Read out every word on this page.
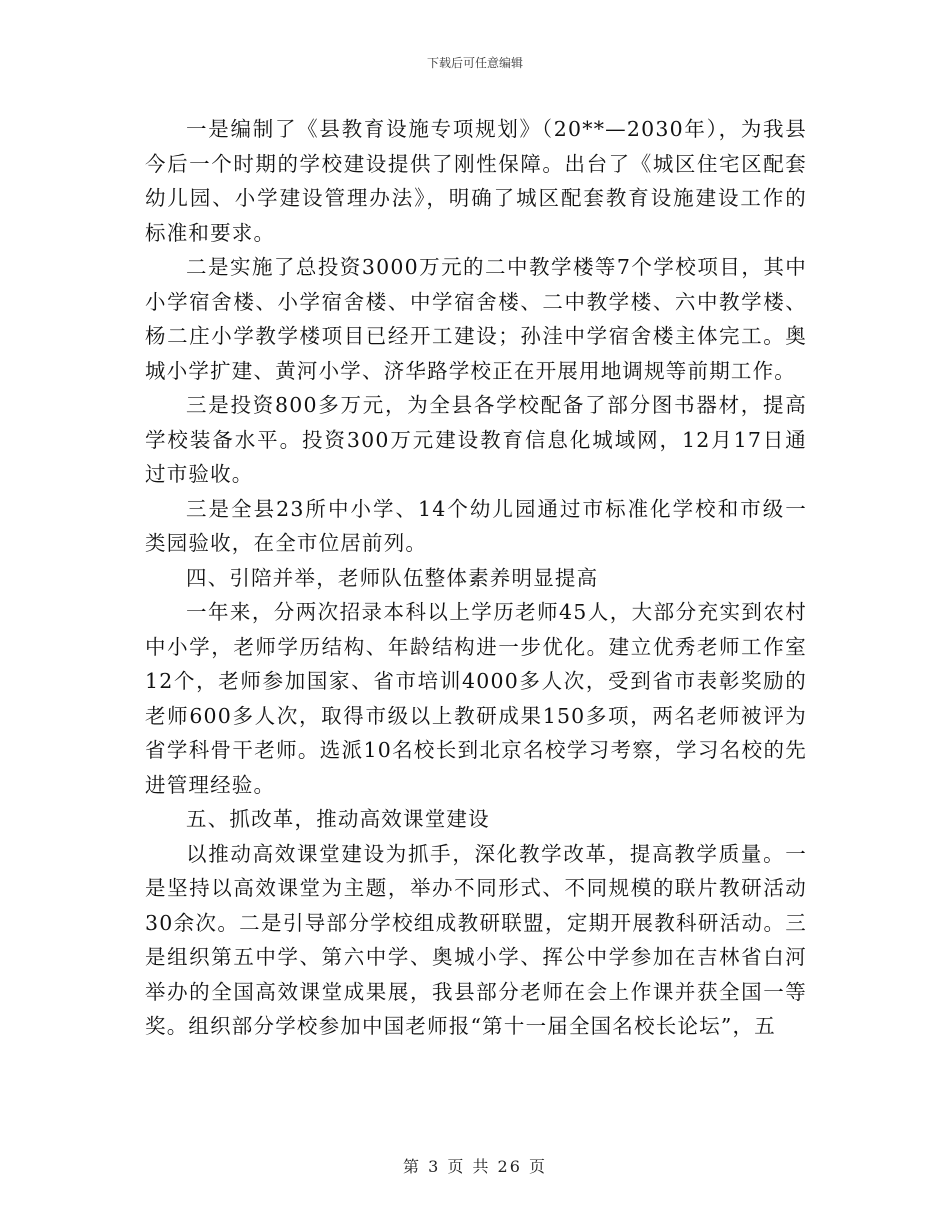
下载后可任意编辑

一是编制了《县教育设施专项规划》（20**—2030年），为我县今后一个时期的学校建设提供了刚性保障。出台了《城区住宅区配套幼儿园、小学建设管理办法》，明确了城区配套教育设施建设工作的标准和要求。

二是实施了总投资3000万元的二中教学楼等7个学校项目，其中小学宿舍楼、小学宿舍楼、中学宿舍楼、二中教学楼、六中教学楼、杨二庄小学教学楼项目已经开工建设；孙洼中学宿舍楼主体完工。奥城小学扩建、黄河小学、济华路学校正在开展用地调规等前期工作。

三是投资800多万元，为全县各学校配备了部分图书器材，提高学校装备水平。投资300万元建设教育信息化城域网，12月17日通过市验收。

三是全县23所中小学、14个幼儿园通过市标准化学校和市级一类园验收，在全市位居前列。

四、引陪并举，老师队伍整体素养明显提高

一年来，分两次招录本科以上学历老师45人，大部分充实到农村中小学，老师学历结构、年龄结构进一步优化。建立优秀老师工作室12个，老师参加国家、省市培训4000多人次，受到省市表彰奖励的老师600多人次，取得市级以上教研成果150多项，两名老师被评为省学科骨干老师。选派10名校长到北京名校学习考察，学习名校的先进管理经验。

五、抓改革，推动高效课堂建设

以推动高效课堂建设为抓手，深化教学改革，提高教学质量。一是坚持以高效课堂为主题，举办不同形式、不同规模的联片教研活动30余次。二是引导部分学校组成教研联盟，定期开展教科研活动。三是组织第五中学、第六中学、奥城小学、挥公中学参加在吉林省白河举办的全国高效课堂成果展，我县部分老师在会上作课并获全国一等奖。组织部分学校参加中国老师报“第十一届全国名校长论坛”，五

第 3 页 共 26 页
